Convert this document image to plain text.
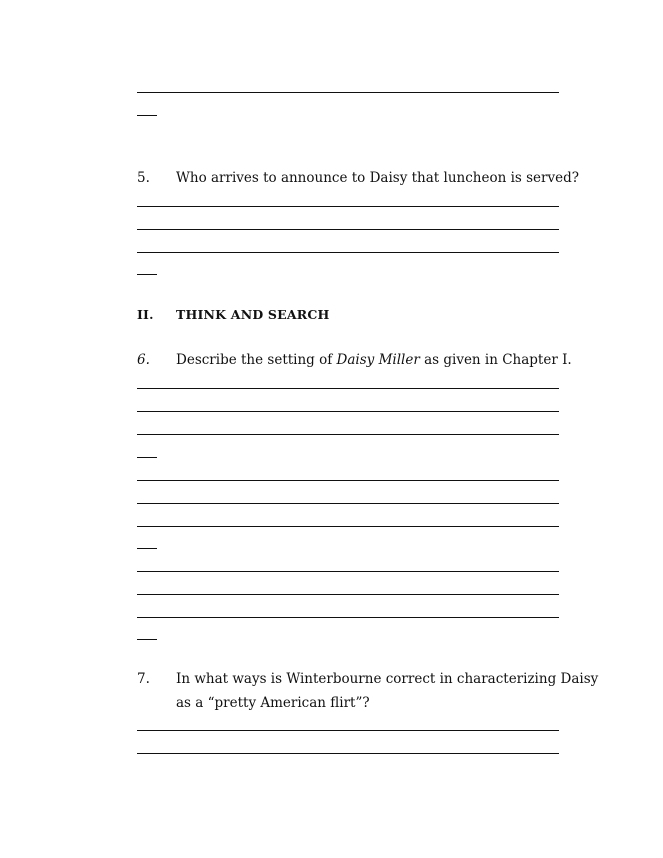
5. Who arrives to announce to Daisy that luncheon is served?
II. THINK AND SEARCH
6. Describe the setting of Daisy Miller as given in Chapter I.
7. In what ways is Winterbourne correct in characterizing Daisy
as a “pretty American flirt”?
